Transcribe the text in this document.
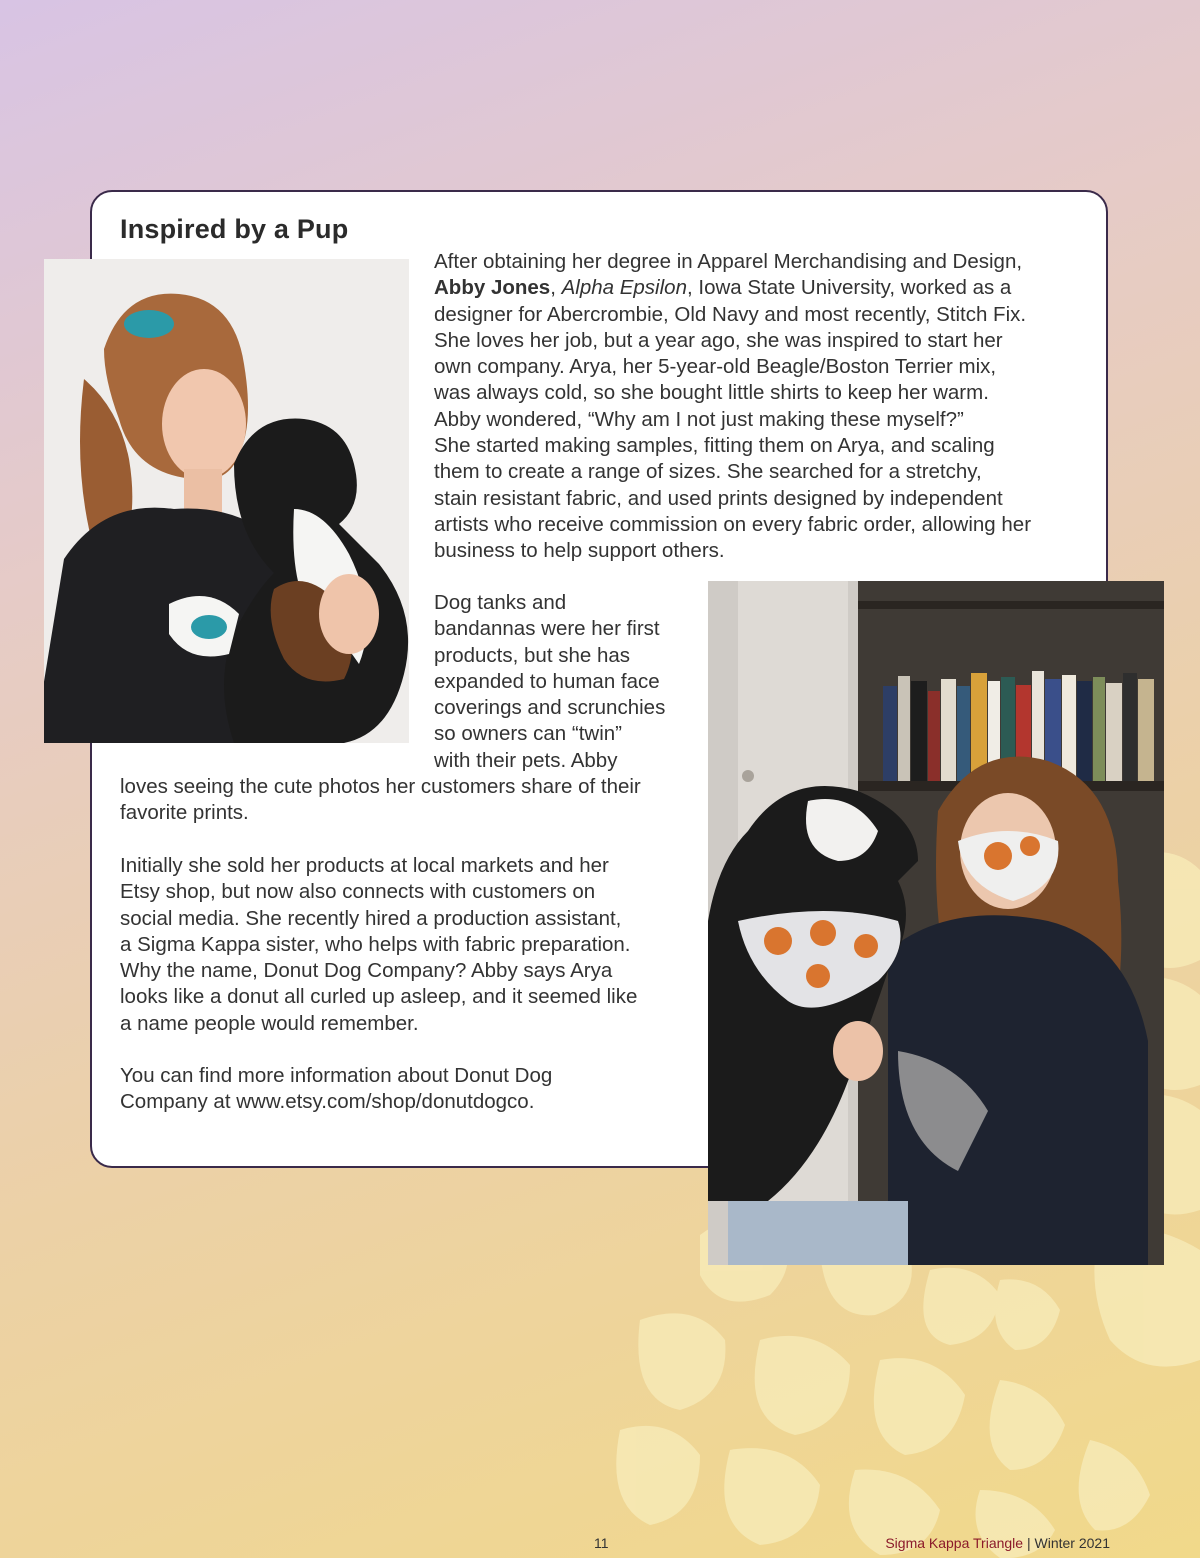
Inspired by a Pup

After obtaining her degree in Apparel Merchandising and Design,
Abby Jones, Alpha Epsilon, Iowa State University, worked as a
designer for Abercrombie, Old Navy and most recently, Stitch Fix.
She loves her job, but a year ago, she was inspired to start her
own company. Arya, her 5-year-old Beagle/Boston Terrier mix,
was always cold, so she bought little shirts to keep her warm.
Abby wondered, “Why am I not just making these myself?”
She started making samples, fitting them on Arya, and scaling
them to create a range of sizes. She searched for a stretchy,
stain resistant fabric, and used prints designed by independent
artists who receive commission on every fabric order, allowing her
business to help support others.

Dog tanks and
bandannas were her first
products, but she has
expanded to human face
coverings and scrunchies
so owners can “twin”
with their pets. Abby

loves seeing the cute photos her customers share of their
favorite prints.

Initially she sold her products at local markets and her
Etsy shop, but now also connects with customers on
social media. She recently hired a production assistant,
a Sigma Kappa sister, who helps with fabric preparation.
Why the name, Donut Dog Company? Abby says Arya
looks like a donut all curled up asleep, and it seemed like
a name people would remember.

You can find more information about Donut Dog
Company at www.etsy.com/shop/donutdogco.

11	Sigma Kappa Triangle | Winter 2021
